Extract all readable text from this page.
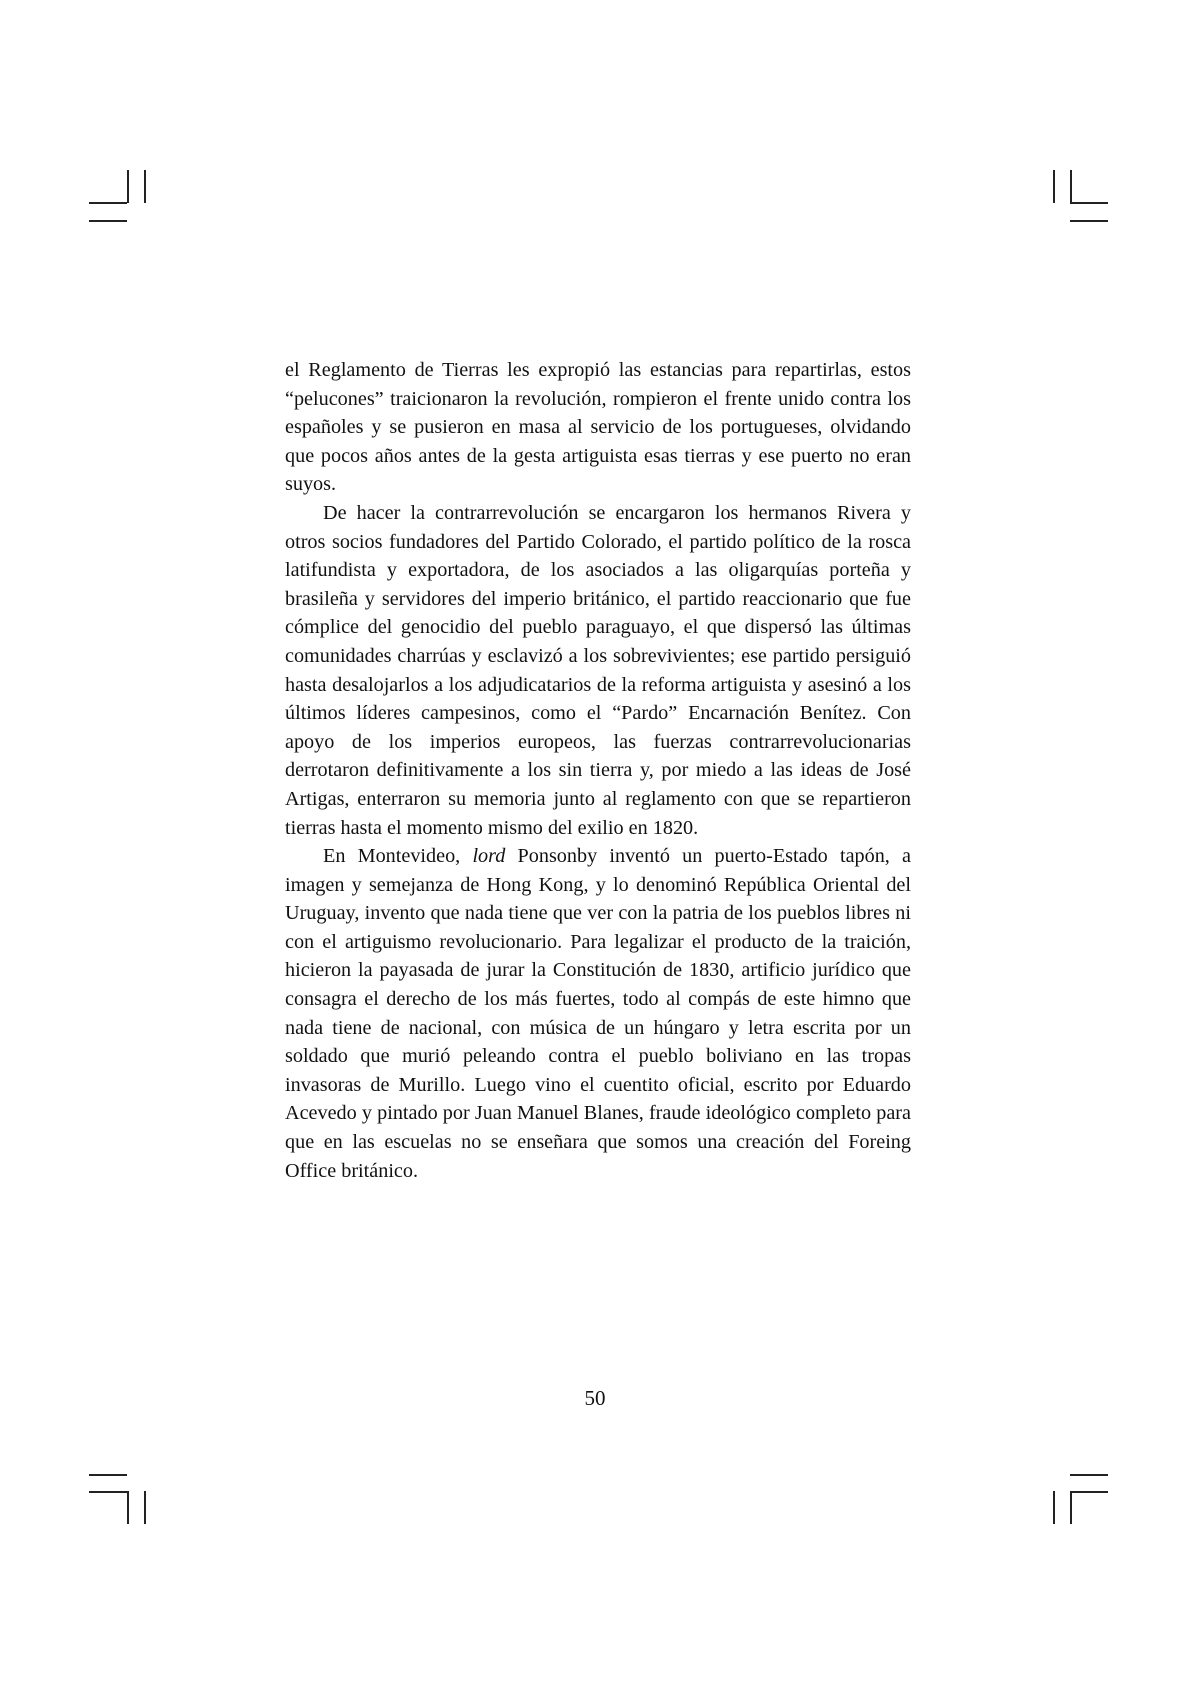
el Reglamento de Tierras les expropió las estancias para repartirlas, estos “pelucones” traicionaron la revolución, rompieron el frente unido contra los españoles y se pusieron en masa al servicio de los portugueses, olvidando que pocos años antes de la gesta artiguista esas tierras y ese puerto no eran suyos.

De hacer la contrarrevolución se encargaron los hermanos Rivera y otros socios fundadores del Partido Colorado, el partido político de la rosca latifundista y exportadora, de los asociados a las oligarquías porteña y brasileña y servidores del imperio británico, el partido reaccionario que fue cómplice del genocidio del pueblo paraguayo, el que dispersó las últimas comunidades charrúas y esclavizó a los sobrevivientes; ese partido persiguió hasta desalojarlos a los adjudicatarios de la reforma artiguista y asesinó a los últimos líderes campesinos, como el “Pardo” Encarnación Benítez. Con apoyo de los imperios europeos, las fuerzas contrarrevolucionarias derrotaron definitivamente a los sin tierra y, por miedo a las ideas de José Artigas, enterraron su memoria junto al reglamento con que se repartieron tierras hasta el momento mismo del exilio en 1820.

En Montevideo, lord Ponsonby inventó un puerto-Estado tapón, a imagen y semejanza de Hong Kong, y lo denominó República Oriental del Uruguay, invento que nada tiene que ver con la patria de los pueblos libres ni con el artiguismo revolucionario. Para legalizar el producto de la traición, hicieron la payasada de jurar la Constitución de 1830, artificio jurídico que consagra el derecho de los más fuertes, todo al compás de este himno que nada tiene de nacional, con música de un húngaro y letra escrita por un soldado que murió peleando contra el pueblo boliviano en las tropas invasoras de Murillo. Luego vino el cuentito oficial, escrito por Eduardo Acevedo y pintado por Juan Manuel Blanes, fraude ideológico completo para que en las escuelas no se enseñara que somos una creación del Foreing Office británico.

50
